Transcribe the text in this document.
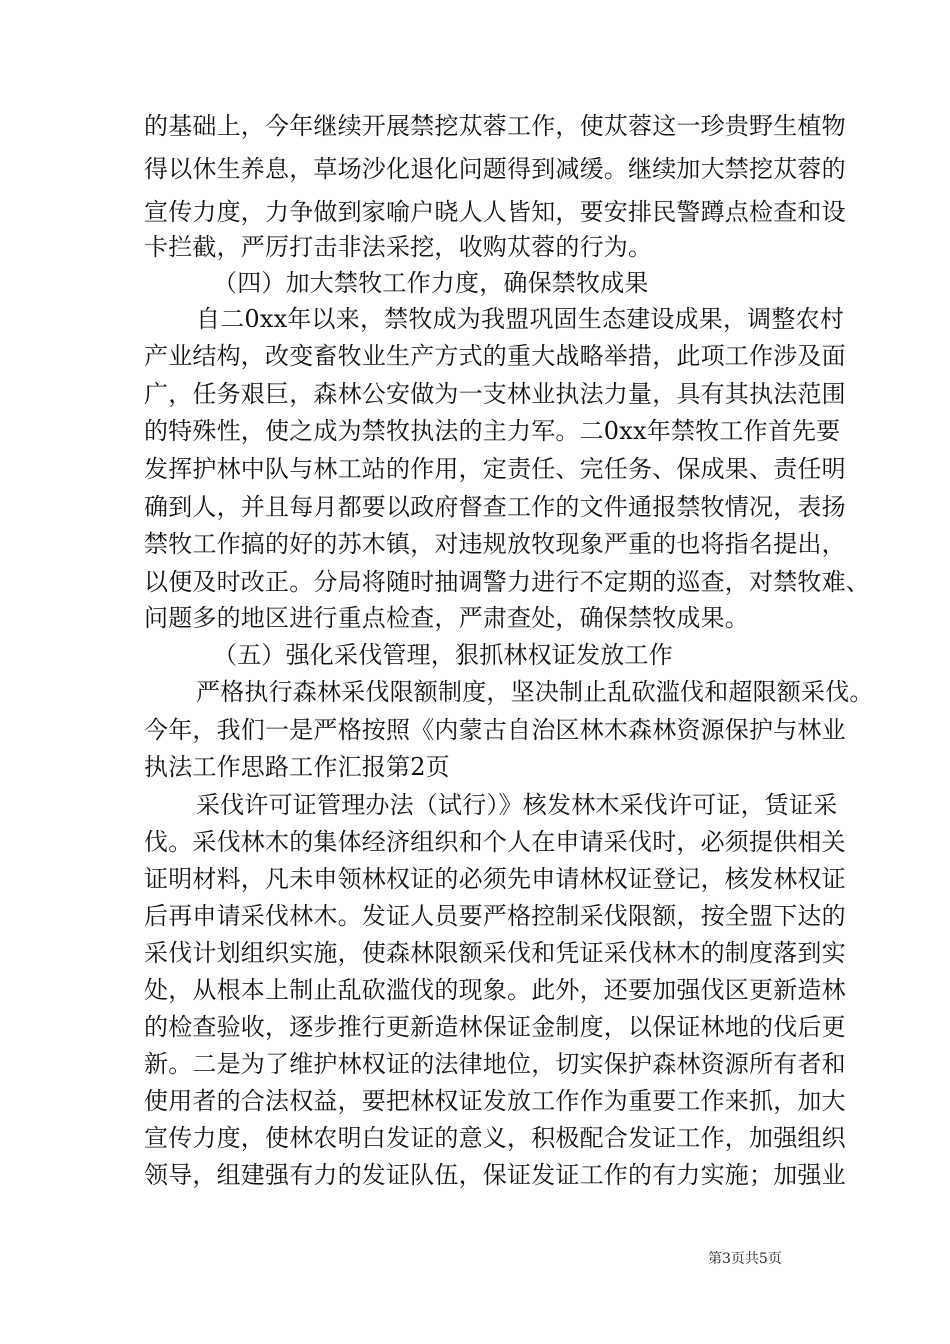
的基础上，今年继续开展禁挖苁蓉工作，使苁蓉这一珍贵野生植物
得以休生养息，草场沙化退化问题得到减缓。继续加大禁挖苁蓉的
宣传力度，力争做到家喻户晓人人皆知，要安排民警蹲点检查和设
卡拦截，严厉打击非法采挖，收购苁蓉的行为。
（四）加大禁牧工作力度，确保禁牧成果
自二0xx年以来，禁牧成为我盟巩固生态建设成果，调整农村
产业结构，改变畜牧业生产方式的重大战略举措，此项工作涉及面
广，任务艰巨，森林公安做为一支林业执法力量，具有其执法范围
的特殊性，使之成为禁牧执法的主力军。二0xx年禁牧工作首先要
发挥护林中队与林工站的作用，定责任、完任务、保成果、责任明
确到人，并且每月都要以政府督查工作的文件通报禁牧情况，表扬
禁牧工作搞的好的苏木镇，对违规放牧现象严重的也将指名提出，
以便及时改正。分局将随时抽调警力进行不定期的巡查，对禁牧难、
问题多的地区进行重点检查，严肃查处，确保禁牧成果。
（五）强化采伐管理，狠抓林权证发放工作
严格执行森林采伐限额制度，坚决制止乱砍滥伐和超限额采伐。
今年，我们一是严格按照《内蒙古自治区林木森林资源保护与林业
执法工作思路工作汇报第2页
采伐许可证管理办法（试行）》核发林木采伐许可证，赁证采
伐。采伐林木的集体经济组织和个人在申请采伐时，必须提供相关
证明材料，凡未申领林权证的必须先申请林权证登记，核发林权证
后再申请采伐林木。发证人员要严格控制采伐限额，按全盟下达的
采伐计划组织实施，使森林限额采伐和凭证采伐林木的制度落到实
处，从根本上制止乱砍滥伐的现象。此外，还要加强伐区更新造林
的检查验收，逐步推行更新造林保证金制度，以保证林地的伐后更
新。二是为了维护林权证的法律地位，切实保护森林资源所有者和
使用者的合法权益，要把林权证发放工作作为重要工作来抓，加大
宣传力度，使林农明白发证的意义，积极配合发证工作，加强组织
领导，组建强有力的发证队伍，保证发证工作的有力实施；加强业
第3页共5页
